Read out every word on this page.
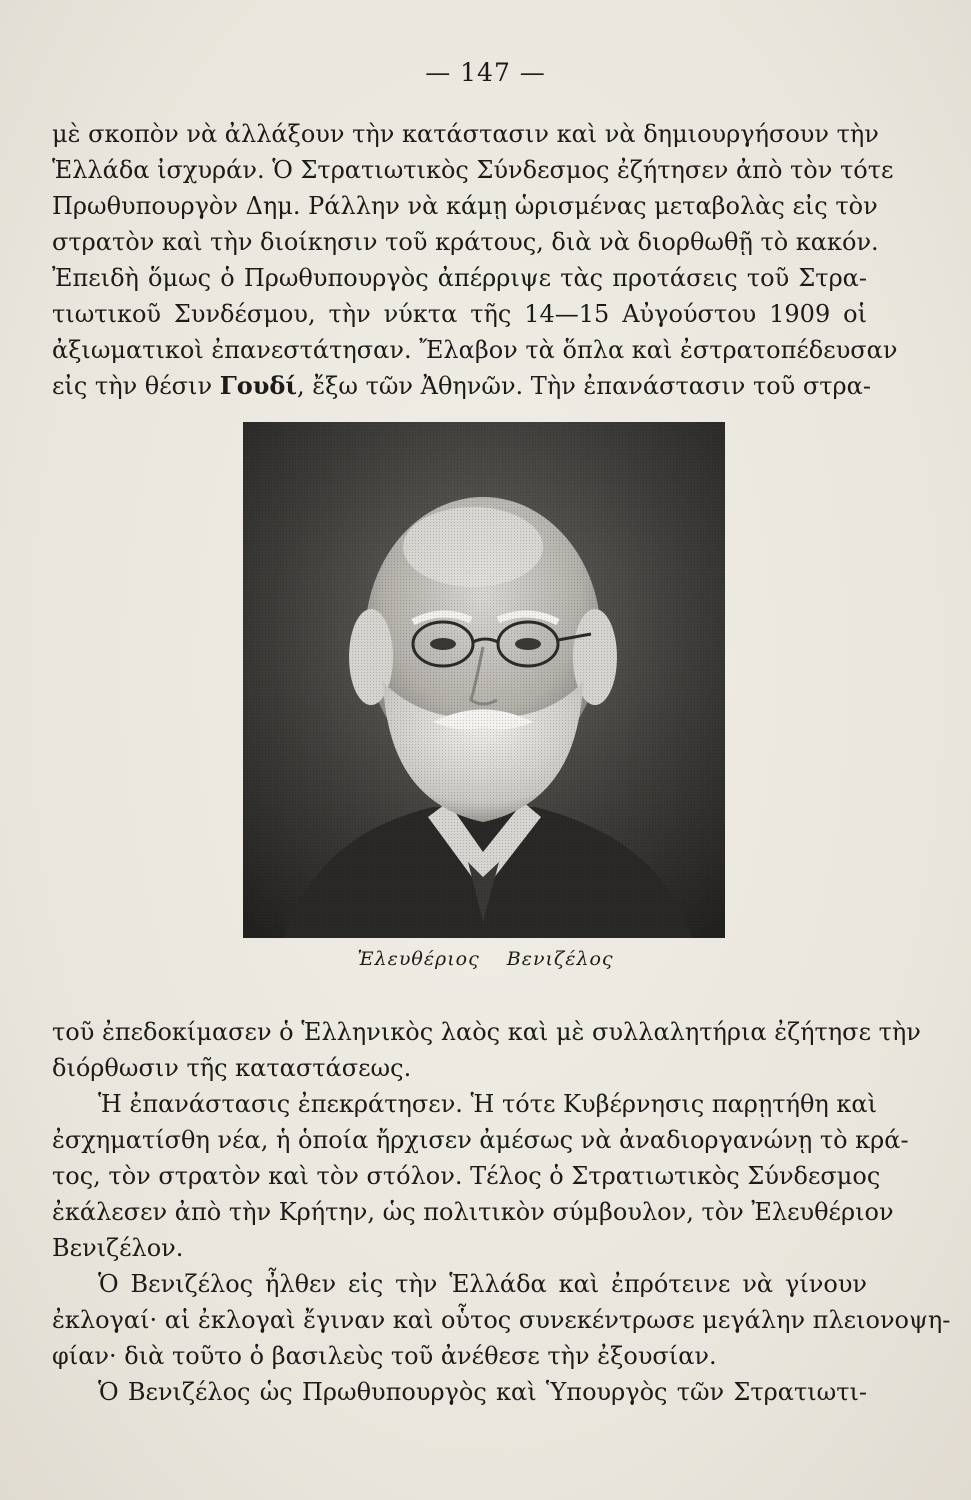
— 147 —
μὲ σκοπὸν νὰ ἀλλάξουν τὴν κατάστασιν καὶ νὰ δημιουργήσουν τὴν
Ἑλλάδα ἰσχυράν. Ὁ Στρατιωτικὸς Σύνδεσμος ἐζήτησεν ἀπὸ τὸν τότε
Πρωθυπουργὸν Δημ. Ράλλην νὰ κάμῃ ὡρισμένας μεταβολὰς εἰς τὸν
στρατὸν καὶ τὴν διοίκησιν τοῦ κράτους, διὰ νὰ διορθωθῇ τὸ κακόν.
Ἐπειδὴ ὅμως ὁ Πρωθυπουργὸς ἀπέρριψε τὰς προτάσεις τοῦ Στρα-
τιωτικοῦ Συνδέσμου, τὴν νύκτα τῆς 14—15 Αὐγούστου 1909 οἱ
ἀξιωματικοὶ ἐπανεστάτησαν. Ἔλαβον τὰ ὅπλα καὶ ἐστρατοπέδευσαν
εἰς τὴν θέσιν Γουδί, ἔξω τῶν Ἀθηνῶν. Τὴν ἐπανάστασιν τοῦ στρα-
Ἐλευθέριος Βενιζέλος
τοῦ ἐπεδοκίμασεν ὁ Ἑλληνικὸς λαὸς καὶ μὲ συλλαλητήρια ἐζήτησε τὴν
διόρθωσιν τῆς καταστάσεως.
Ἡ ἐπανάστασις ἐπεκράτησεν. Ἡ τότε Κυβέρνησις παρῃτήθη καὶ
ἐσχηματίσθη νέα, ἡ ὁποία ἤρχισεν ἀμέσως νὰ ἀναδιοργανώνῃ τὸ κρά-
τος, τὸν στρατὸν καὶ τὸν στόλον. Τέλος ὁ Στρατιωτικὸς Σύνδεσμος
ἐκάλεσεν ἀπὸ τὴν Κρήτην, ὡς πολιτικὸν σύμβουλον, τὸν Ἐλευθέριον
Βενιζέλον.
Ὁ Βενιζέλος ἦλθεν εἰς τὴν Ἑλλάδα καὶ ἐπρότεινε νὰ γίνουν
ἐκλογαί· αἱ ἐκλογαὶ ἔγιναν καὶ οὗτος συνεκέντρωσε μεγάλην πλειονοψη-
φίαν· διὰ τοῦτο ὁ βασιλεὺς τοῦ ἀνέθεσε τὴν ἐξουσίαν.
Ὁ Βενιζέλος ὡς Πρωθυπουργὸς καὶ Ὑπουργὸς τῶν Στρατιωτι-
